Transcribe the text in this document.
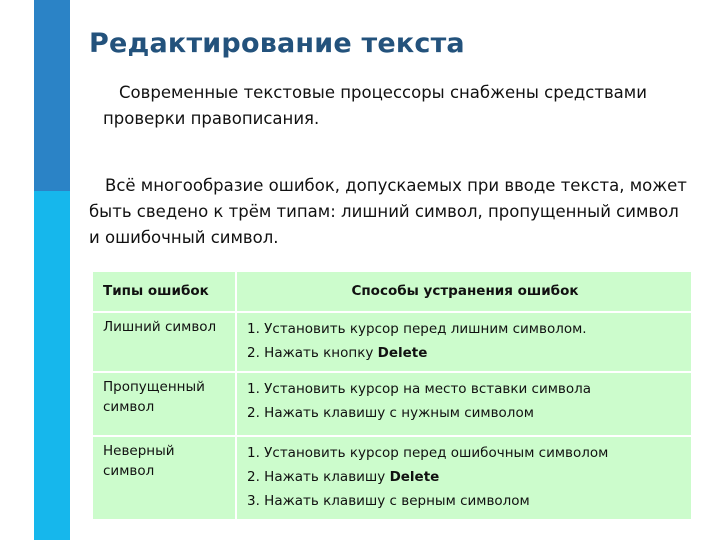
Редактирование текста
Современные текстовые процессоры снабжены средствами проверки правописания.
Всё многообразие ошибок, допускаемых при вводе текста, может быть сведено к трём типам: лишний символ, пропущенный символ и ошибочный символ.
Типы ошибок	Способы устранения ошибок
Лишний символ	1. Установить курсор перед лишним символом.
2. Нажать кнопку Delete

Пропущенный символ	1. Установить курсор на место вставки символа
2. Нажать клавишу с нужным символом

Неверный символ	1. Установить курсор перед ошибочным символом
2. Нажать клавишу Delete
3. Нажать клавишу с верным символом
